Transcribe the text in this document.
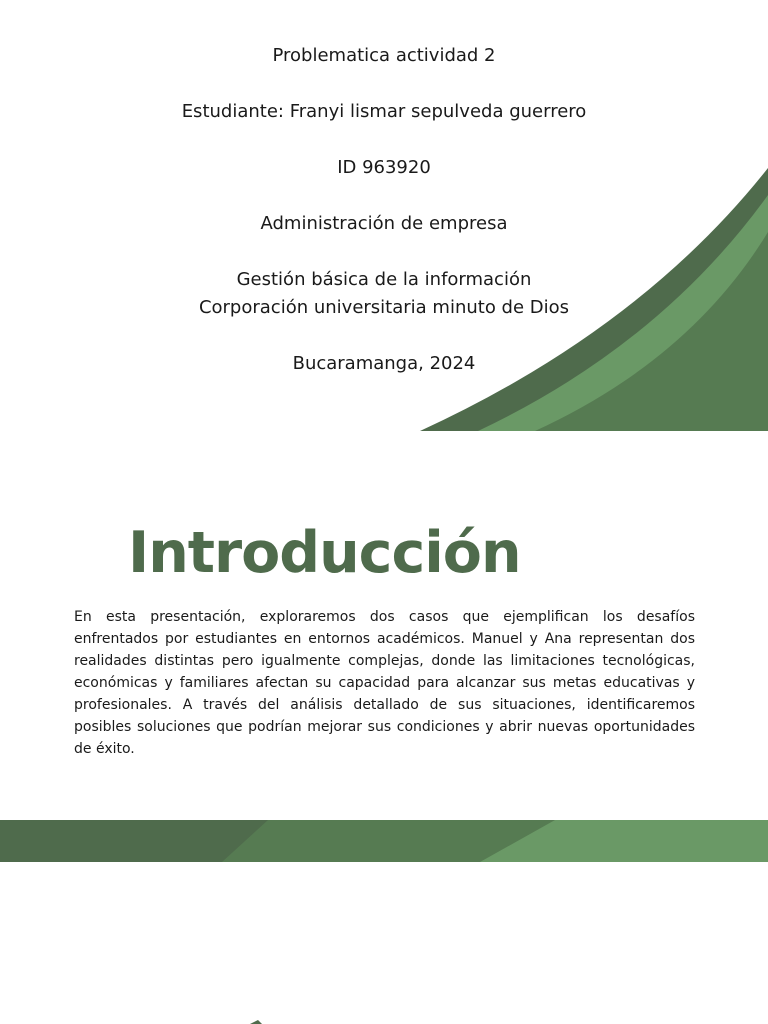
Problematica actividad 2

Estudiante: Franyi lismar sepulveda guerrero

ID 963920

Administración de empresa

Gestión básica de la información

Corporación universitaria minuto de Dios

Bucaramanga, 2024

Introducción

En esta presentación, exploraremos dos casos que ejemplifican los desafíos enfrentados por estudiantes en entornos académicos. Manuel y Ana representan dos realidades distintas pero igualmente complejas, donde las limitaciones tecnológicas, económicas y familiares afectan su capacidad para alcanzar sus metas educativas y profesionales. A través del análisis detallado de sus situaciones, identificaremos posibles soluciones que podrían mejorar sus condiciones y abrir nuevas oportunidades de éxito.
